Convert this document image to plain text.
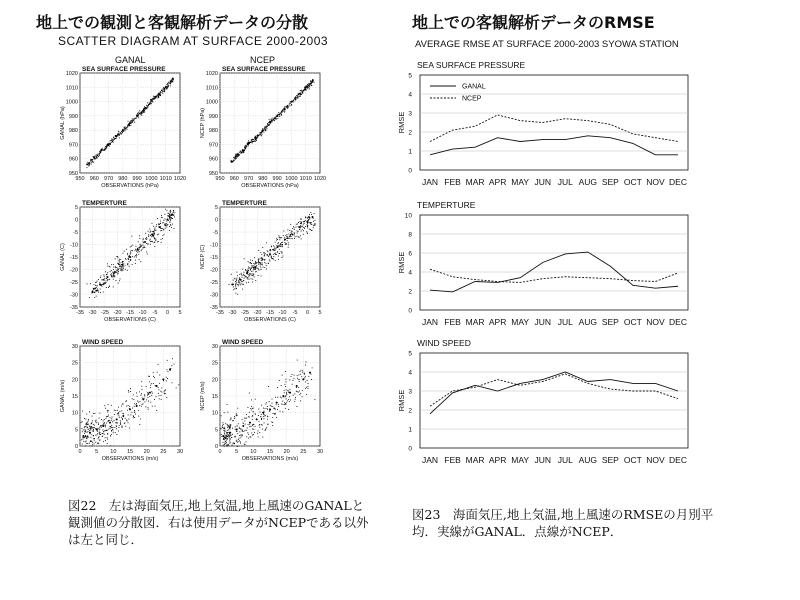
地上での観測と客観解析データの分散
SCATTER DIAGRAM AT SURFACE 2000-2003
GANAL	NCEP
地上での客観解析データのRMSE
AVERAGE RMSE AT SURFACE 2000-2003 SYOWA STATION
SEA SURFACE PRESSURE
950 960 970 980 990 1000 1010 1020
950
960
970
980
990
1000
1010
1020
OBSERVATIONS (hPa)
GANAL (hPa)
SEA SURFACE PRESSURE
950 960 970 980 990 1000 1010 1020
950
960
970
980
990
1000
1010
1020
OBSERVATIONS (hPa)
NCEP (hPa)
TEMPERTURE
-35 -30 -25 -20 -15 -10 -5 0 5
-35
-30
-25
-20
-15
-10
-5
0
5
OBSERVATIONS (C)
GANAL (C)
TEMPERTURE
-35 -30 -25 -20 -15 -10 -5 0 5
-35
-30
-25
-20
-15
-10
-5
0
5
OBSERVATIONS (C)
NCEP (C)
WIND SPEED
0 5 10 15 20 25 30
0
5
10
15
20
25
30
OBSERVATIONS (m/s)
GANAL (m/s)
WIND SPEED
0 5 10 15 20 25 30
0
5
10
15
20
25
30
OBSERVATIONS (m/s)
NCEP (m/s)
SEA SURFACE PRESSURE
0
1
2
3
4
5
RMSE
JAN FEB MAR APR MAY JUN JUL AUG SEP OCT NOV DEC
GANAL
NCEP
TEMPERTURE
0
2
4
6
8
10
RMSE
JAN FEB MAR APR MAY JUN JUL AUG SEP OCT NOV DEC
WIND SPEED
0
1
2
3
4
5
RMSE
JAN FEB MAR APR MAY JUN JUL AUG SEP OCT NOV DEC
図22　左は海面気圧,地上気温,地上風速のGANALと観測値の分散図．右は使用データがNCEPである以外は左と同じ．
図23　海面気圧,地上気温,地上風速のRMSEの月別平均．実線がGANAL．点線がNCEP．
